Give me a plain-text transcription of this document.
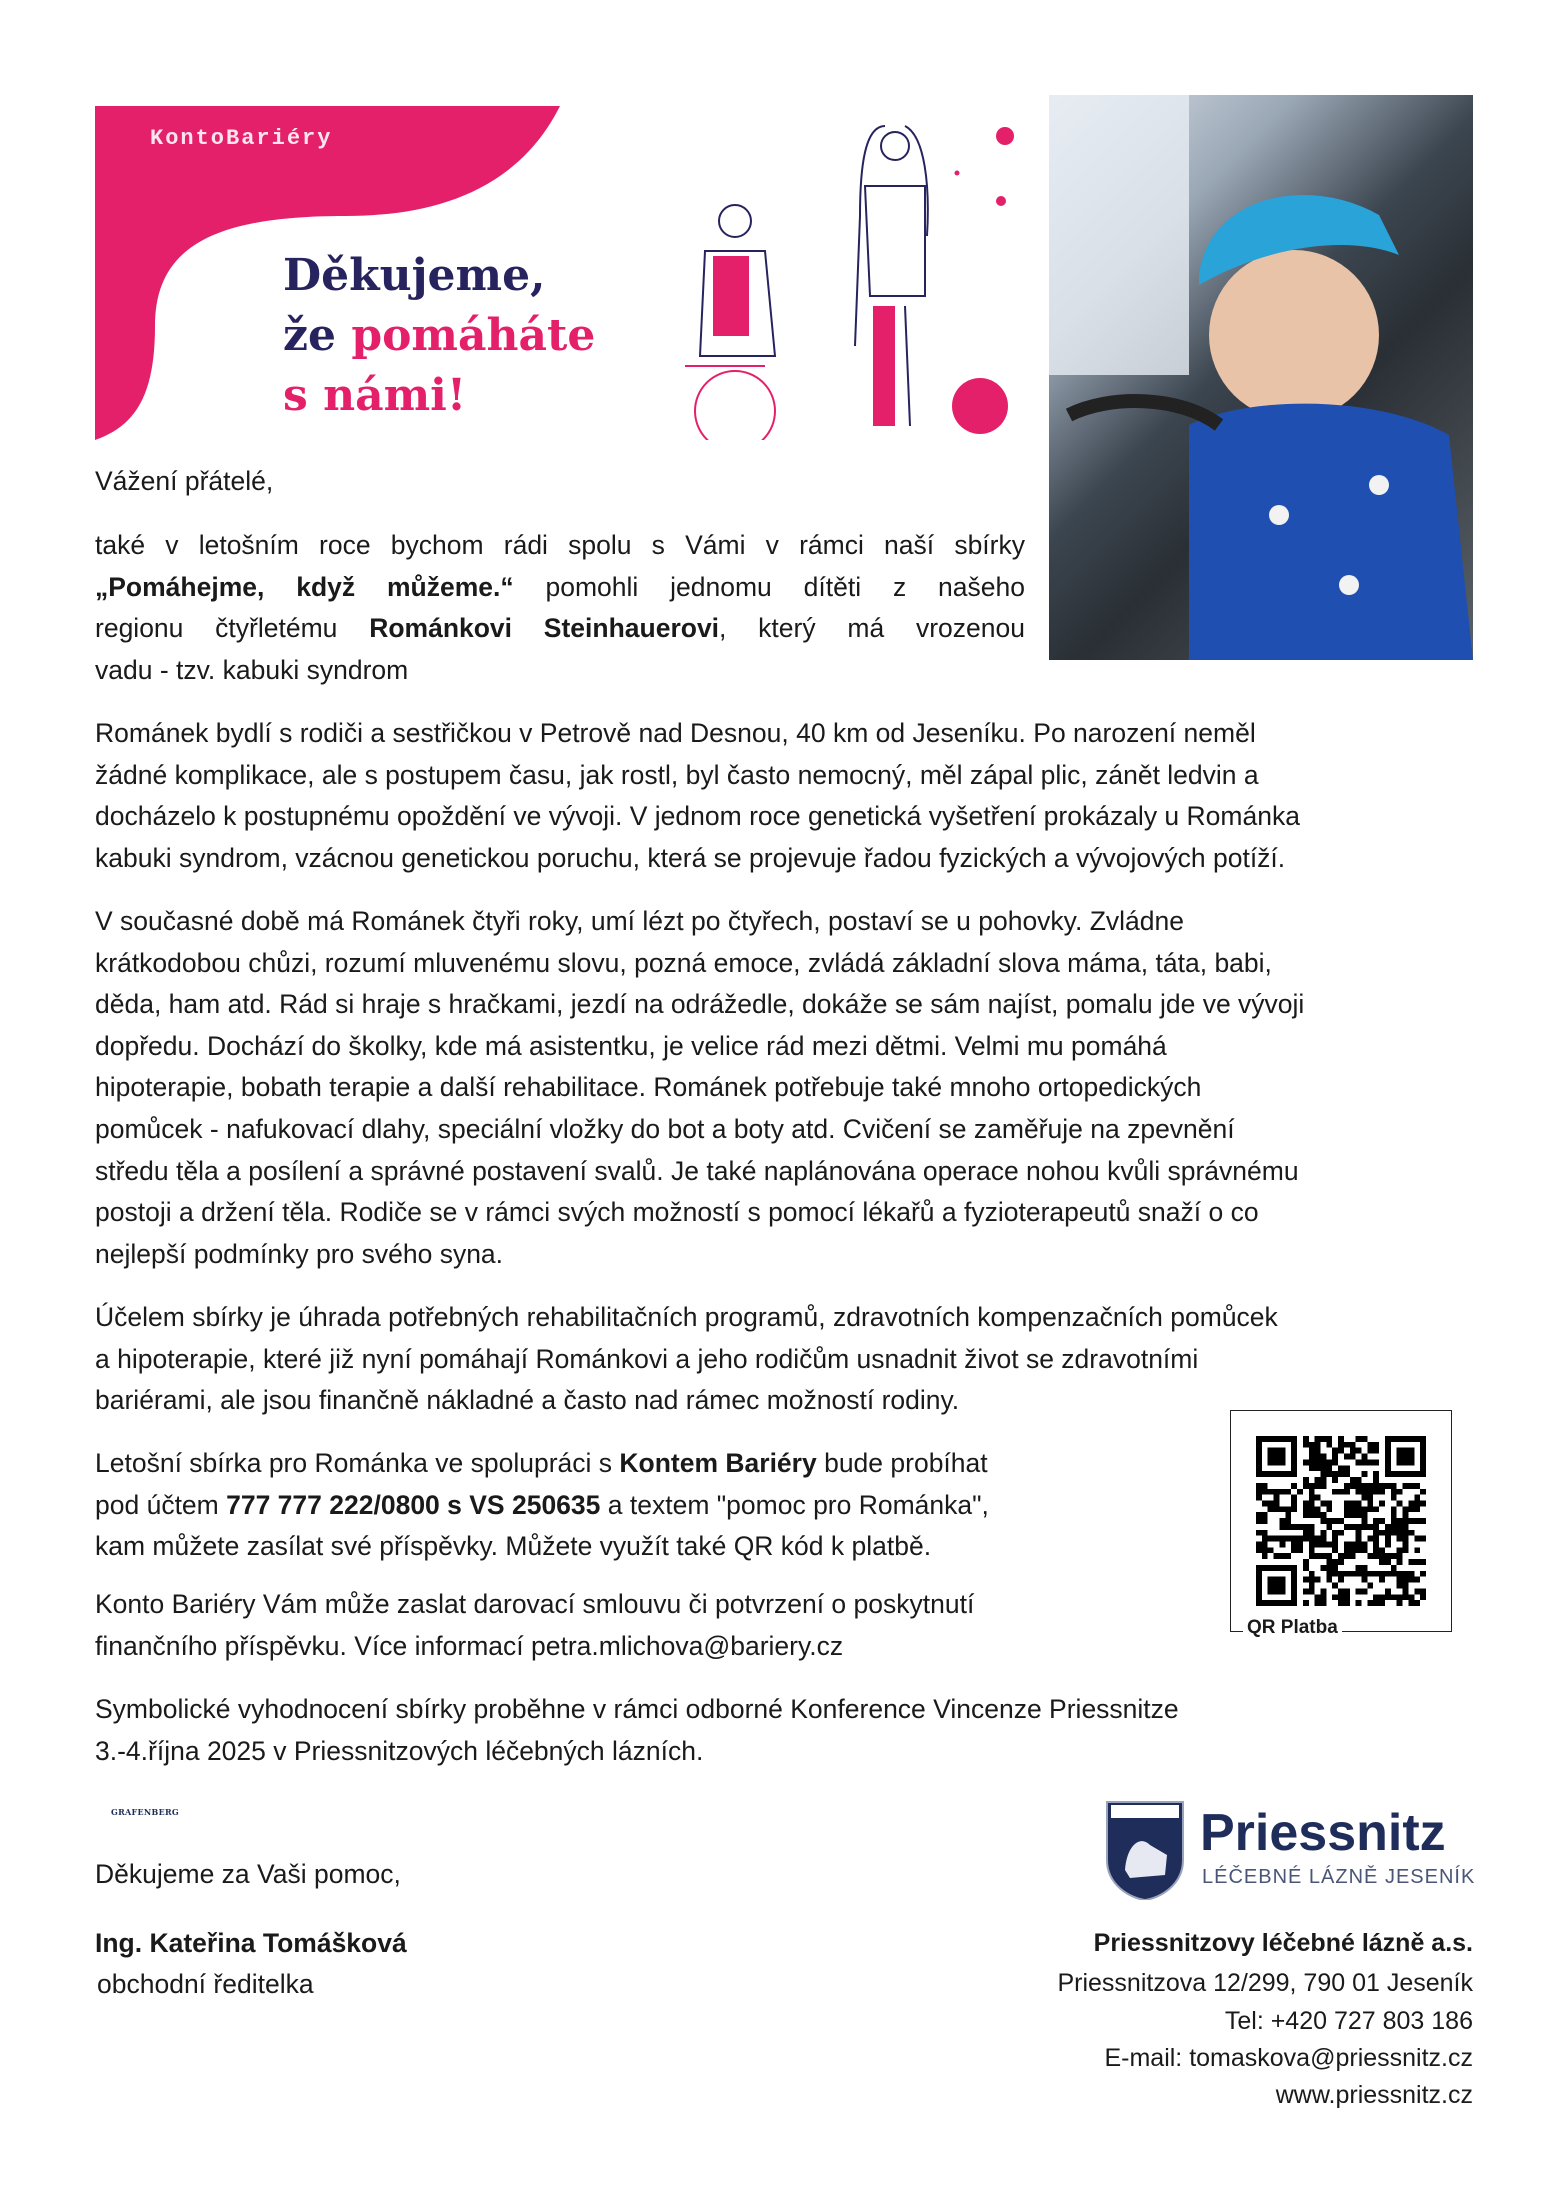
KontoBariéry
Děkujeme,
že pomáháte
s námi!
Vážení přátelé,
také v letošním roce bychom rádi spolu s Vámi v rámci naší sbírky
„Pomáhejme, když můžeme.“ pomohli jednomu dítěti z našeho
regionu čtyřletému Románkovi Steinhauerovi, který má vrozenou
vadu - tzv. kabuki syndrom
Románek bydlí s rodiči a sestřičkou v Petrově nad Desnou, 40 km od Jeseníku. Po narození neměl
žádné komplikace, ale s postupem času, jak rostl, byl často nemocný, měl zápal plic, zánět ledvin a
docházelo k postupnému opoždění ve vývoji. V jednom roce genetická vyšetření prokázaly u Románka
kabuki syndrom, vzácnou genetickou poruchu, která se projevuje řadou fyzických a vývojových potíží.
V současné době má Románek čtyři roky, umí lézt po čtyřech, postaví se u pohovky. Zvládne
krátkodobou chůzi, rozumí mluvenému slovu, pozná emoce, zvládá základní slova máma, táta, babi,
děda, ham atd. Rád si hraje s hračkami, jezdí na odrážedle, dokáže se sám najíst, pomalu jde ve vývoji
dopředu. Dochází do školky, kde má asistentku, je velice rád mezi dětmi. Velmi mu pomáhá
hipoterapie, bobath terapie a další rehabilitace. Románek potřebuje také mnoho ortopedických
pomůcek - nafukovací dlahy, speciální vložky do bot a boty atd. Cvičení se zaměřuje na zpevnění
středu těla a posílení a správné postavení svalů. Je také naplánována operace nohou kvůli správnému
postoji a držení těla. Rodiče se v rámci svých možností s pomocí lékařů a fyzioterapeutů snaží o co
nejlepší podmínky pro svého syna.
Účelem sbírky je úhrada potřebných rehabilitačních programů, zdravotních kompenzačních pomůcek
a hipoterapie, které již nyní pomáhají Románkovi a jeho rodičům usnadnit život se zdravotními
bariérami, ale jsou finančně nákladné a často nad rámec možností rodiny.
Letošní sbírka pro Románka ve spolupráci s Kontem Bariéry bude probíhat
pod účtem 777 777 222/0800 s VS 250635 a textem "pomoc pro Románka",
kam můžete zasílat své příspěvky. Můžete využít také QR kód k platbě.
Konto Bariéry Vám může zaslat darovací smlouvu či potvrzení o poskytnutí
finančního příspěvku. Více informací petra.mlichova@bariery.cz
Symbolické vyhodnocení sbírky proběhne v rámci odborné Konference Vincenze Priessnitze
3.-4.října 2025 v Priessnitzových léčebných lázních.
QR Platba
Děkujeme za Vaši pomoc,
Ing. Kateřina Tomášková
obchodní ředitelka
GRAFENBERG	Priessnitz
LÉČEBNÉ LÁZNĚ JESENÍK
Priessnitzovy léčebné lázně a.s.
Priessnitzova 12/299, 790 01 Jeseník
Tel: +420 727 803 186
E-mail: tomaskova@priessnitz.cz
www.priessnitz.cz
